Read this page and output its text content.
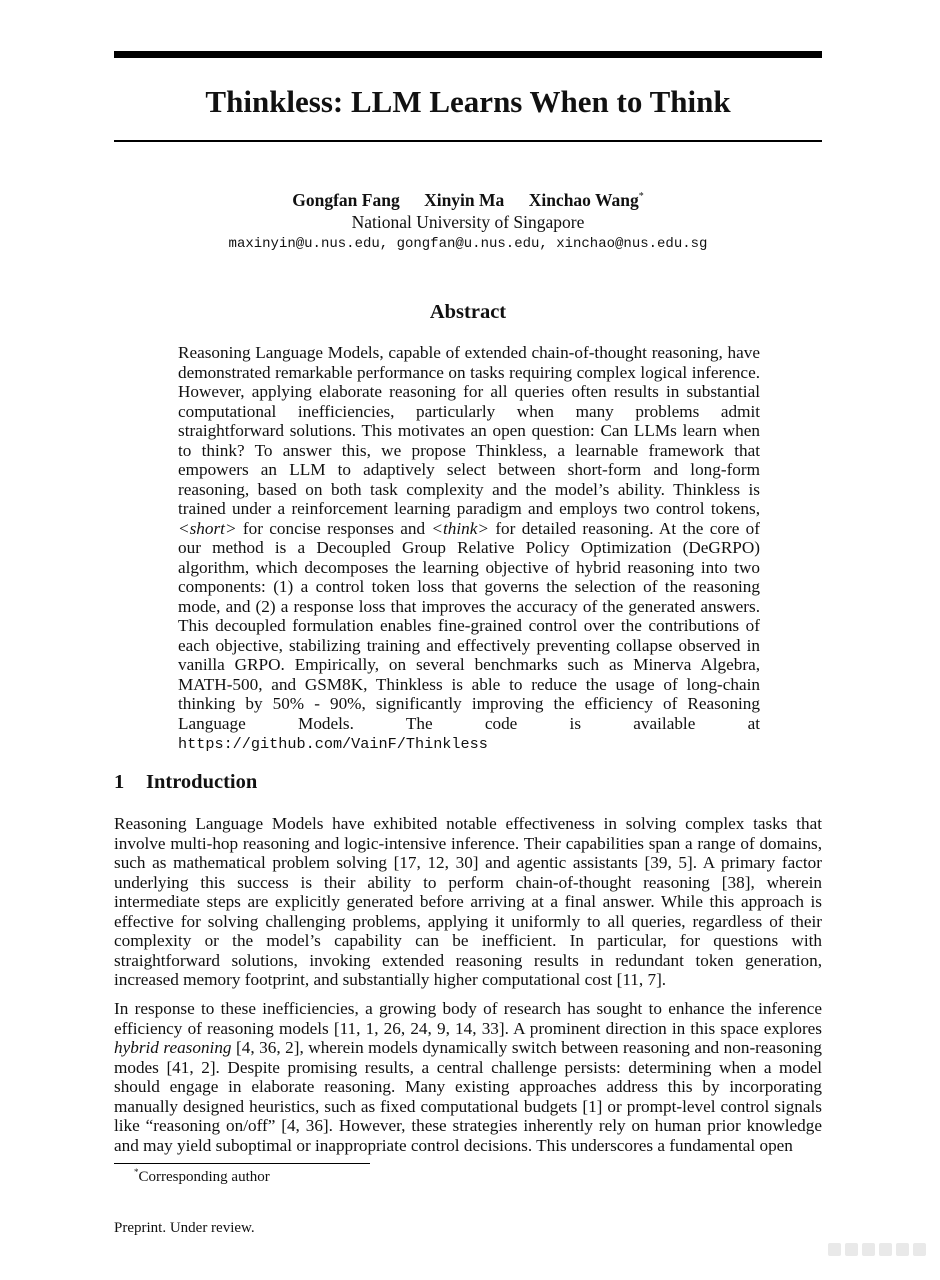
Thinkless: LLM Learns When to Think
Gongfan Fang Xinyin Ma Xinchao Wang*
National University of Singapore
maxinyin@u.nus.edu, gongfan@u.nus.edu, xinchao@nus.edu.sg
Abstract

Reasoning Language Models, capable of extended chain-of-thought reasoning, have demonstrated remarkable performance on tasks requiring complex logical inference. However, applying elaborate reasoning for all queries often results in substantial computational inefficiencies, particularly when many problems admit straightforward solutions. This motivates an open question: Can LLMs learn when to think? To answer this, we propose Thinkless, a learnable framework that empowers an LLM to adaptively select between short-form and long-form reasoning, based on both task complexity and the model’s ability. Thinkless is trained under a reinforcement learning paradigm and employs two control tokens, <short> for concise responses and <think> for detailed reasoning. At the core of our method is a Decoupled Group Relative Policy Optimization (DeGRPO) algorithm, which decomposes the learning objective of hybrid reasoning into two components: (1) a control token loss that governs the selection of the reasoning mode, and (2) a response loss that improves the accuracy of the generated answers. This decoupled formulation enables fine-grained control over the contributions of each objective, stabilizing training and effectively preventing collapse observed in vanilla GRPO. Empirically, on several benchmarks such as Minerva Algebra, MATH-500, and GSM8K, Thinkless is able to reduce the usage of long-chain thinking by 50% - 90%, significantly improving the efficiency of Reasoning Language Models. The code is available at https://github.com/VainF/Thinkless

1 Introduction

Reasoning Language Models have exhibited notable effectiveness in solving complex tasks that involve multi-hop reasoning and logic-intensive inference. Their capabilities span a range of domains, such as mathematical problem solving [17, 12, 30] and agentic assistants [39, 5]. A primary factor underlying this success is their ability to perform chain-of-thought reasoning [38], wherein intermediate steps are explicitly generated before arriving at a final answer. While this approach is effective for solving challenging problems, applying it uniformly to all queries, regardless of their complexity or the model’s capability can be inefficient. In particular, for questions with straightforward solutions, invoking extended reasoning results in redundant token generation, increased memory footprint, and substantially higher computational cost [11, 7].

In response to these inefficiencies, a growing body of research has sought to enhance the inference efficiency of reasoning models [11, 1, 26, 24, 9, 14, 33]. A prominent direction in this space explores hybrid reasoning [4, 36, 2], wherein models dynamically switch between reasoning and non-reasoning modes [41, 2]. Despite promising results, a central challenge persists: determining when a model should engage in elaborate reasoning. Many existing approaches address this by incorporating manually designed heuristics, such as fixed computational budgets [1] or prompt-level control signals like “reasoning on/off” [4, 36]. However, these strategies inherently rely on human prior knowledge and may yield suboptimal or inappropriate control decisions. This underscores a fundamental open

*Corresponding author
Preprint. Under review.
